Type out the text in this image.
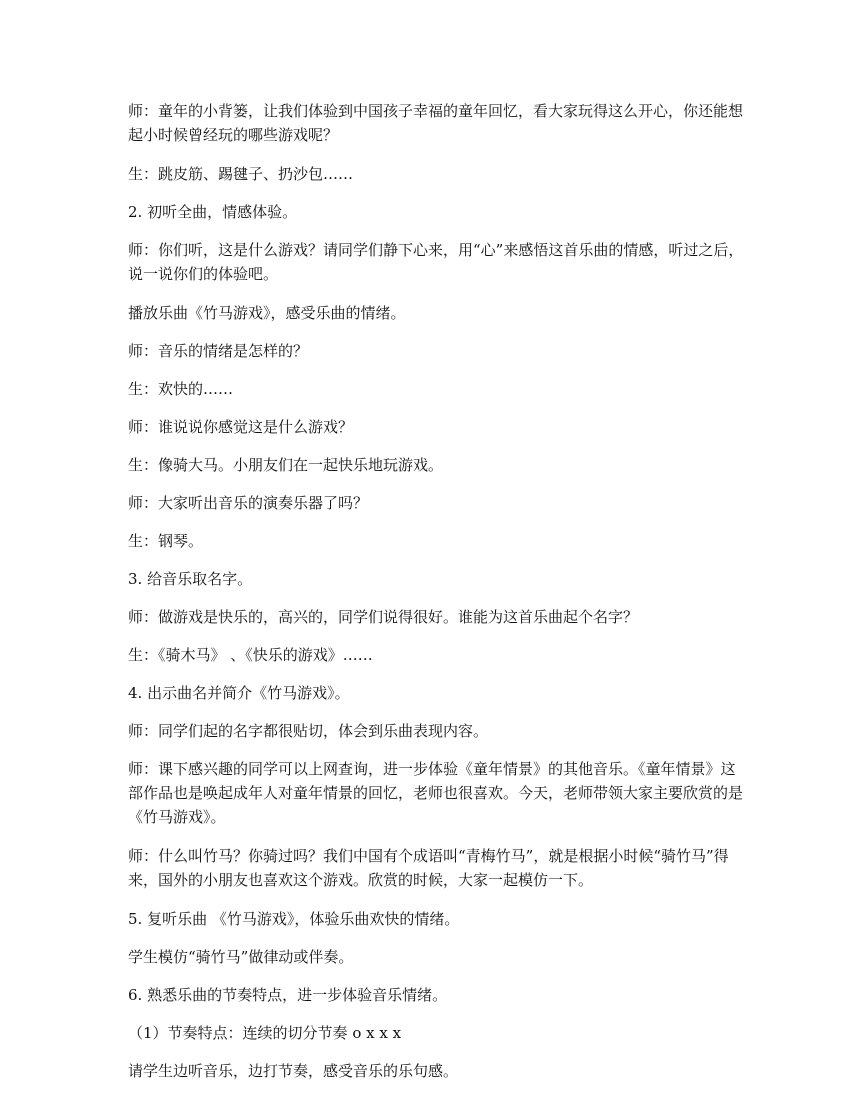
师：童年的小背篓，让我们体验到中国孩子幸福的童年回忆，看大家玩得这么开心，你还能想起小时候曾经玩的哪些游戏呢？

生：跳皮筋、踢毽子、扔沙包……

2. 初听全曲，情感体验。

师：你们听，这是什么游戏？请同学们静下心来，用“心”来感悟这首乐曲的情感，听过之后，说一说你们的体验吧。

播放乐曲《竹马游戏》，感受乐曲的情绪。

师：音乐的情绪是怎样的？

生：欢快的……

师：谁说说你感觉这是什么游戏？

生：像骑大马。小朋友们在一起快乐地玩游戏。

师：大家听出音乐的演奏乐器了吗？

生：钢琴。

3. 给音乐取名字。

师：做游戏是快乐的，高兴的，同学们说得很好。谁能为这首乐曲起个名字？

生：《骑木马》 、《快乐的游戏》……

4. 出示曲名并简介《竹马游戏》。

师：同学们起的名字都很贴切，体会到乐曲表现内容。

师：课下感兴趣的同学可以上网查询，进一步体验《童年情景》的其他音乐。《童年情景》这部作品也是唤起成年人对童年情景的回忆，老师也很喜欢。今天，老师带领大家主要欣赏的是《竹马游戏》。

师：什么叫竹马？你骑过吗？我们中国有个成语叫“青梅竹马”，就是根据小时候“骑竹马”得来，国外的小朋友也喜欢这个游戏。欣赏的时候，大家一起模仿一下。

5. 复听乐曲 《竹马游戏》，体验乐曲欢快的情绪。

学生模仿“骑竹马”做律动或伴奏。

6. 熟悉乐曲的节奏特点，进一步体验音乐情绪。

（1）节奏特点：连续的切分节奏 o x x x

请学生边听音乐，边打节奏，感受音乐的乐句感。
